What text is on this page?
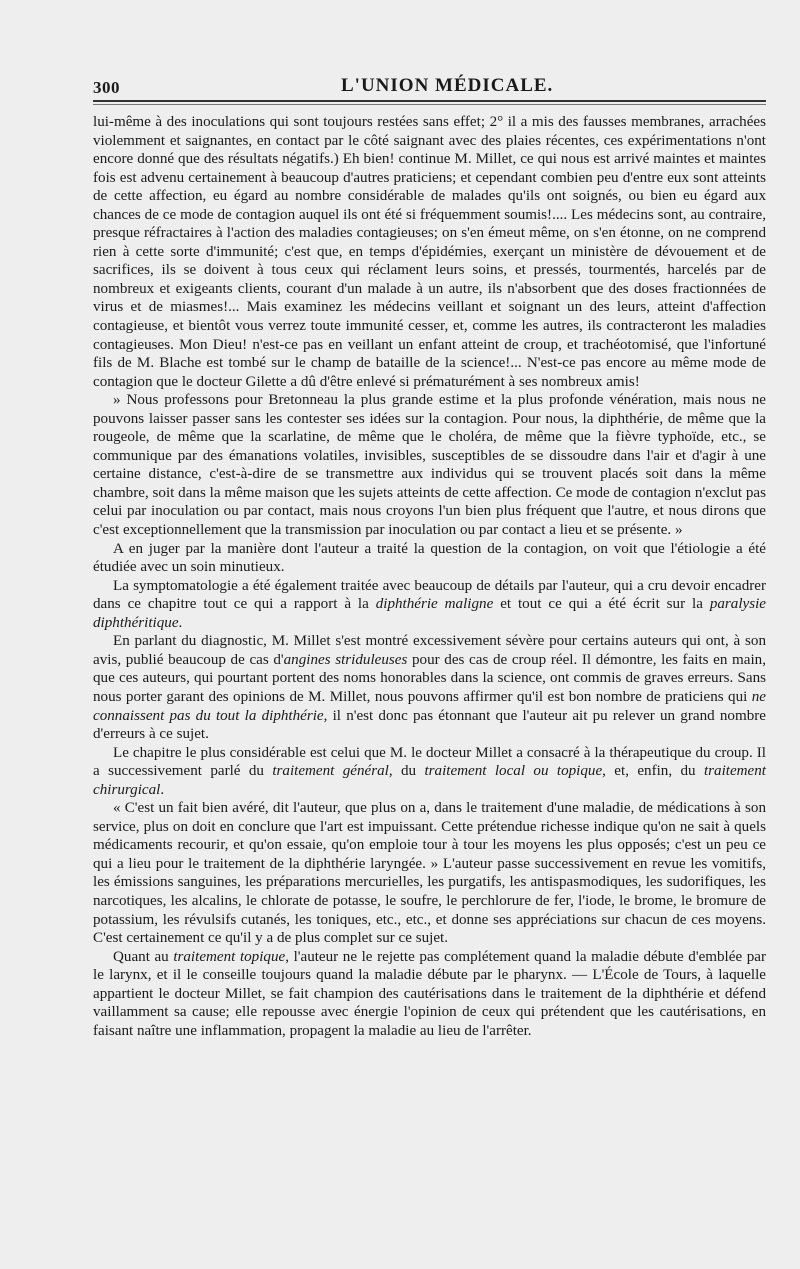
300	L'UNION MÉDICALE.

lui-même à des inoculations qui sont toujours restées sans effet; 2° il a mis des fausses membranes, arrachées violemment et saignantes, en contact par le côté saignant avec des plaies récentes, ces expérimentations n'ont encore donné que des résultats négatifs.) Eh bien! continue M. Millet, ce qui nous est arrivé maintes et maintes fois est advenu certainement à beaucoup d'autres praticiens; et cependant combien peu d'entre eux sont atteints de cette affection, eu égard au nombre considérable de malades qu'ils ont soignés, ou bien eu égard aux chances de ce mode de contagion auquel ils ont été si fréquemment soumis!.... Les médecins sont, au contraire, presque réfractaires à l'action des maladies contagieuses; on s'en émeut même, on s'en étonne, on ne comprend rien à cette sorte d'immunité; c'est que, en temps d'épidémies, exerçant un ministère de dévouement et de sacrifices, ils se doivent à tous ceux qui réclament leurs soins, et pressés, tourmentés, harcelés par de nombreux et exigeants clients, courant d'un malade à un autre, ils n'absorbent que des doses fractionnées de virus et de miasmes!... Mais examinez les médecins veillant et soignant un des leurs, atteint d'affection contagieuse, et bientôt vous verrez toute immunité cesser, et, comme les autres, ils contracteront les maladies contagieuses. Mon Dieu! n'est-ce pas en veillant un enfant atteint de croup, et trachéotomisé, que l'infortuné fils de M. Blache est tombé sur le champ de bataille de la science!... N'est-ce pas encore au même mode de contagion que le docteur Gilette a dû d'être enlevé si prématurément à ses nombreux amis!

» Nous professons pour Bretonneau la plus grande estime et la plus profonde vénération, mais nous ne pouvons laisser passer sans les contester ses idées sur la contagion. Pour nous, la diphthérie, de même que la rougeole, de même que la scarlatine, de même que le choléra, de même que la fièvre typhoïde, etc., se communique par des émanations volatiles, invisibles, susceptibles de se dissoudre dans l'air et d'agir à une certaine distance, c'est-à-dire de se transmettre aux individus qui se trouvent placés soit dans la même chambre, soit dans la même maison que les sujets atteints de cette affection. Ce mode de contagion n'exclut pas celui par inoculation ou par contact, mais nous croyons l'un bien plus fréquent que l'autre, et nous dirons que c'est exceptionnellement que la transmission par inoculation ou par contact a lieu et se présente. »

A en juger par la manière dont l'auteur a traité la question de la contagion, on voit que l'étiologie a été étudiée avec un soin minutieux.

La symptomatologie a été également traitée avec beaucoup de détails par l'auteur, qui a cru devoir encadrer dans ce chapitre tout ce qui a rapport à la diphthérie maligne et tout ce qui a été écrit sur la paralysie diphthéritique.

En parlant du diagnostic, M. Millet s'est montré excessivement sévère pour certains auteurs qui ont, à son avis, publié beaucoup de cas d'angines striduleuses pour des cas de croup réel. Il démontre, les faits en main, que ces auteurs, qui pourtant portent des noms honorables dans la science, ont commis de graves erreurs. Sans nous porter garant des opinions de M. Millet, nous pouvons affirmer qu'il est bon nombre de praticiens qui ne connaissent pas du tout la diphthérie, il n'est donc pas étonnant que l'auteur ait pu relever un grand nombre d'erreurs à ce sujet.

Le chapitre le plus considérable est celui que M. le docteur Millet a consacré à la thérapeutique du croup. Il a successivement parlé du traitement général, du traitement local ou topique, et, enfin, du traitement chirurgical.

« C'est un fait bien avéré, dit l'auteur, que plus on a, dans le traitement d'une maladie, de médications à son service, plus on doit en conclure que l'art est impuissant. Cette prétendue richesse indique qu'on ne sait à quels médicaments recourir, et qu'on essaie, qu'on emploie tour à tour les moyens les plus opposés; c'est un peu ce qui a lieu pour le traitement de la diphthérie laryngée. » L'auteur passe successivement en revue les vomitifs, les émissions sanguines, les préparations mercurielles, les purgatifs, les antispasmodiques, les sudorifiques, les narcotiques, les alcalins, le chlorate de potasse, le soufre, le perchlorure de fer, l'iode, le brome, le bromure de potassium, les révulsifs cutanés, les toniques, etc., etc., et donne ses appréciations sur chacun de ces moyens. C'est certainement ce qu'il y a de plus complet sur ce sujet.

Quant au traitement topique, l'auteur ne le rejette pas complétement quand la maladie débute d'emblée par le larynx, et il le conseille toujours quand la maladie débute par le pharynx. — L'École de Tours, à laquelle appartient le docteur Millet, se fait champion des cautérisations dans le traitement de la diphthérie et défend vaillamment sa cause; elle repousse avec énergie l'opinion de ceux qui prétendent que les cautérisations, en faisant naître une inflammation, propagent la maladie au lieu de l'arrêter.
